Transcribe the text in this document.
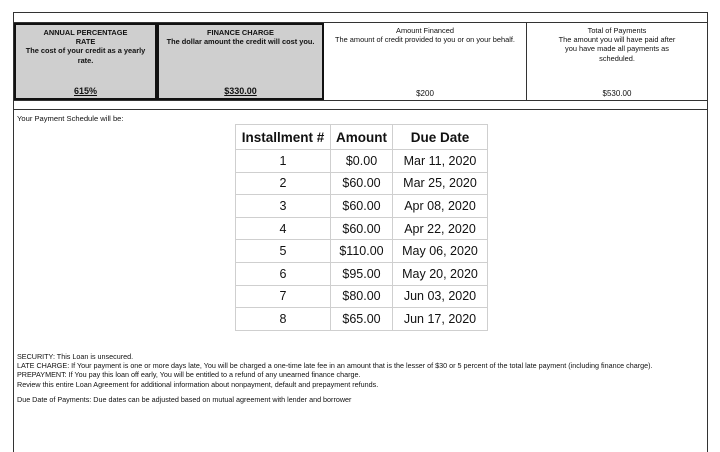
ANNUAL PERCENTAGE RATE
The cost of your credit as a yearly rate.
615%
FINANCE CHARGE
The dollar amount the credit will cost you.
$330.00
Amount Financed
The amount of credit provided to you or on your behalf.
$200
Total of Payments
The amount you will have paid after you have made all payments as scheduled.
$530.00
Your Payment Schedule will be:
Installment #	Amount	Due Date
1	$0.00	Mar 11, 2020
2	$60.00	Mar 25, 2020
3	$60.00	Apr 08, 2020
4	$60.00	Apr 22, 2020
5	$110.00	May 06, 2020
6	$95.00	May 20, 2020
7	$80.00	Jun 03, 2020
8	$65.00	Jun 17, 2020

SECURITY: This Loan is unsecured.

LATE CHARGE: If Your payment is one or more days late, You will be charged a one-time late fee in an amount that is the lesser of $30 or 5 percent of the total late payment (including finance charge).

PREPAYMENT: If You pay this loan off early, You will be entitled to a refund of any unearned finance charge.

Review this entire Loan Agreement for additional information about nonpayment, default and prepayment refunds.

Due Date of Payments: Due dates can be adjusted based on mutual agreement with lender and borrower
